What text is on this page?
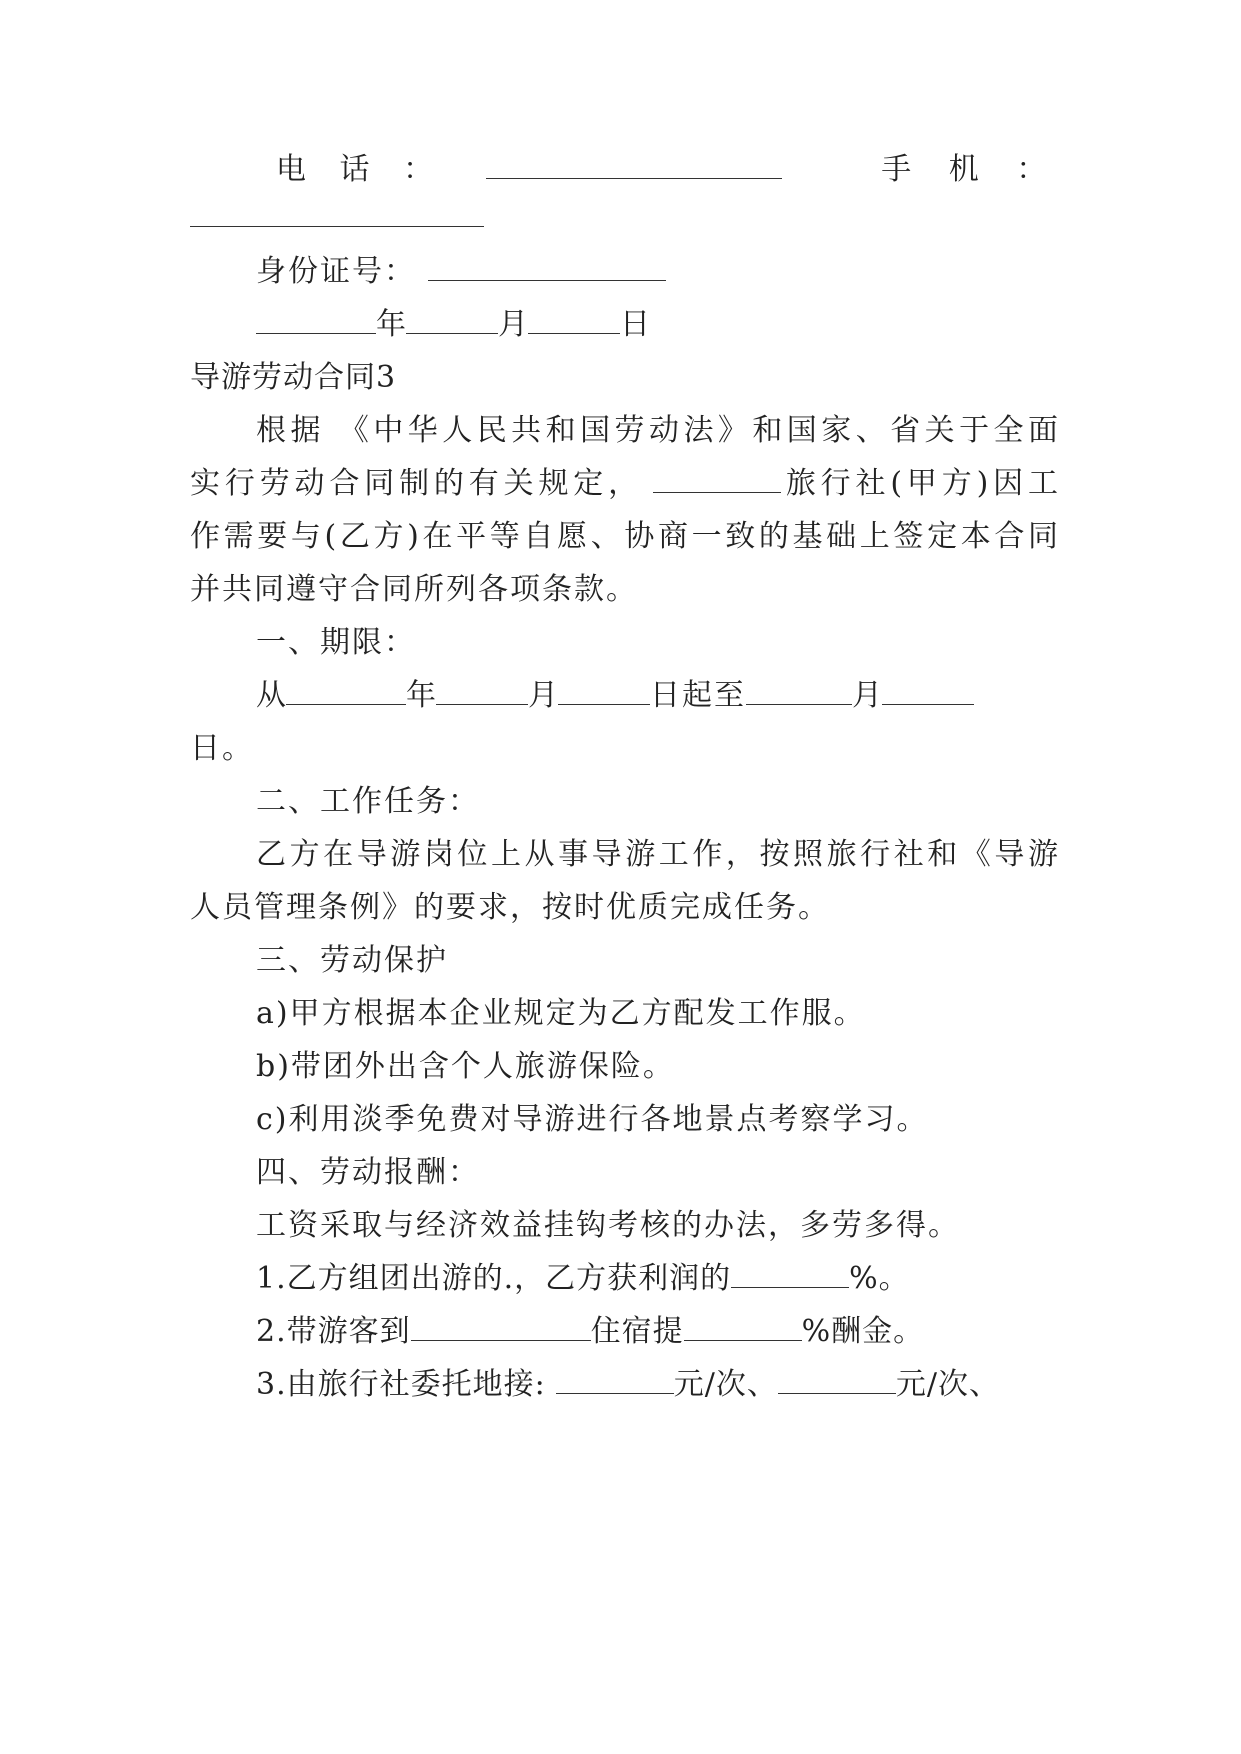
电 话 ：	手 机 ：
身份证号：
年	月	日
导游劳动合同3
根据 《中华人民共和国劳动法》和国家、省关于全面
实行劳动合同制的有关规定，	旅行社(甲方)因工
作需要与(乙方)在平等自愿、协商一致的基础上签定本合同
并共同遵守合同所列各项条款。
一、期限：
从	年	月	日起至	月
日。
二、工作任务：
乙方在导游岗位上从事导游工作，按照旅行社和《导游
人员管理条例》的要求，按时优质完成任务。
三、劳动保护
a)甲方根据本企业规定为乙方配发工作服。
b)带团外出含个人旅游保险。
c)利用淡季免费对导游进行各地景点考察学习。
四、劳动报酬：
工资采取与经济效益挂钩考核的办法，多劳多得。
1.乙方组团出游的.，乙方获利润的	%。
2.带游客到	住宿提	%酬金。
3.由旅行社委托地接:	元/次、	元/次、
